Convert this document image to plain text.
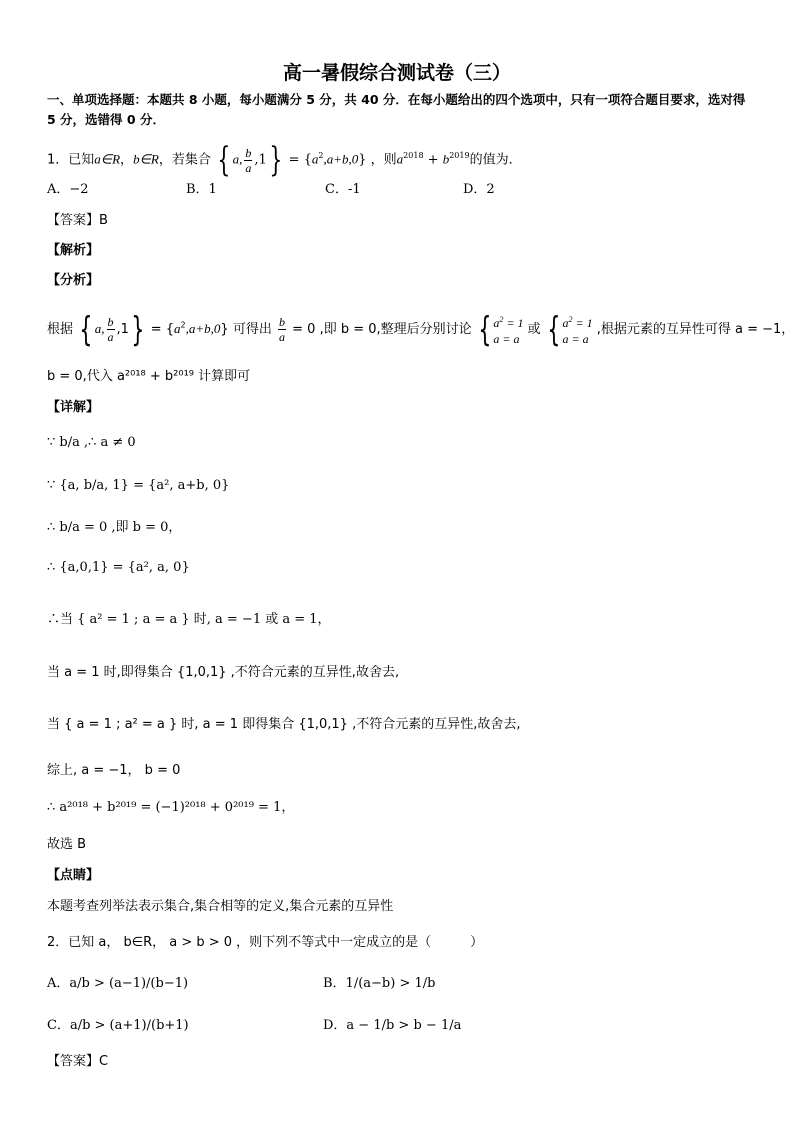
高一暑假综合测试卷（三）
一、单项选择题：本题共 8 小题，每小题满分 5 分，共 40 分．在每小题给出的四个选项中，只有一项符合题目要求，选对得 5 分，选错得 0 分．
1．已知a∈R，b∈R，若集合 { a, $\frac{b}{a} ,1\} = \{a^2,a+b,0\}$ ，则$a^{2018} + b^{2019}$的值为．
A．−2	B．1	C．-1	D．2
【答案】B
【解析】
【分析】
根据 { a, $\frac{b}{a} ,1\} = \{a^2,a+b,0\}$ 可得出 $\frac{b}{a} = 0$ ,即 b = 0,整理后分别讨论 { $a^2 = 1$
a = a
或 { $a^2 = 1$
a = a
,根据元素的互异性可得 a = −1，
b = 0,代入 a²⁰¹⁸ + b²⁰¹⁹ 计算即可
【详解】
∵ b/a ,∴ a ≠ 0
∵ {a, b/a, 1} = {a², a+b, 0}
∴ b/a = 0 ,即 b = 0，
∴ {a,0,1} = {a², a, 0}
∴当 { a² = 1 ; a = a } 时, a = −1 或 a = 1，
当 a = 1 时,即得集合 {1,0,1} ,不符合元素的互异性,故舍去,
当 { a = 1 ; a² = a } 时, a = 1 即得集合 {1,0,1} ,不符合元素的互异性,故舍去,
综上, a = −1， b = 0
∴ a²⁰¹⁸ + b²⁰¹⁹ = (−1)²⁰¹⁸ + 0²⁰¹⁹ = 1，
故选 B
【点睛】
本题考查列举法表示集合,集合相等的定义,集合元素的互异性
2．已知 a， b∈R， a > b > 0 ，则下列不等式中一定成立的是（　　　）
A．a/b > (a−1)/(b−1)	B．1/(a−b) > 1/b
C．a/b > (a+1)/(b+1)	D．a − 1/b > b − 1/a
【答案】C
